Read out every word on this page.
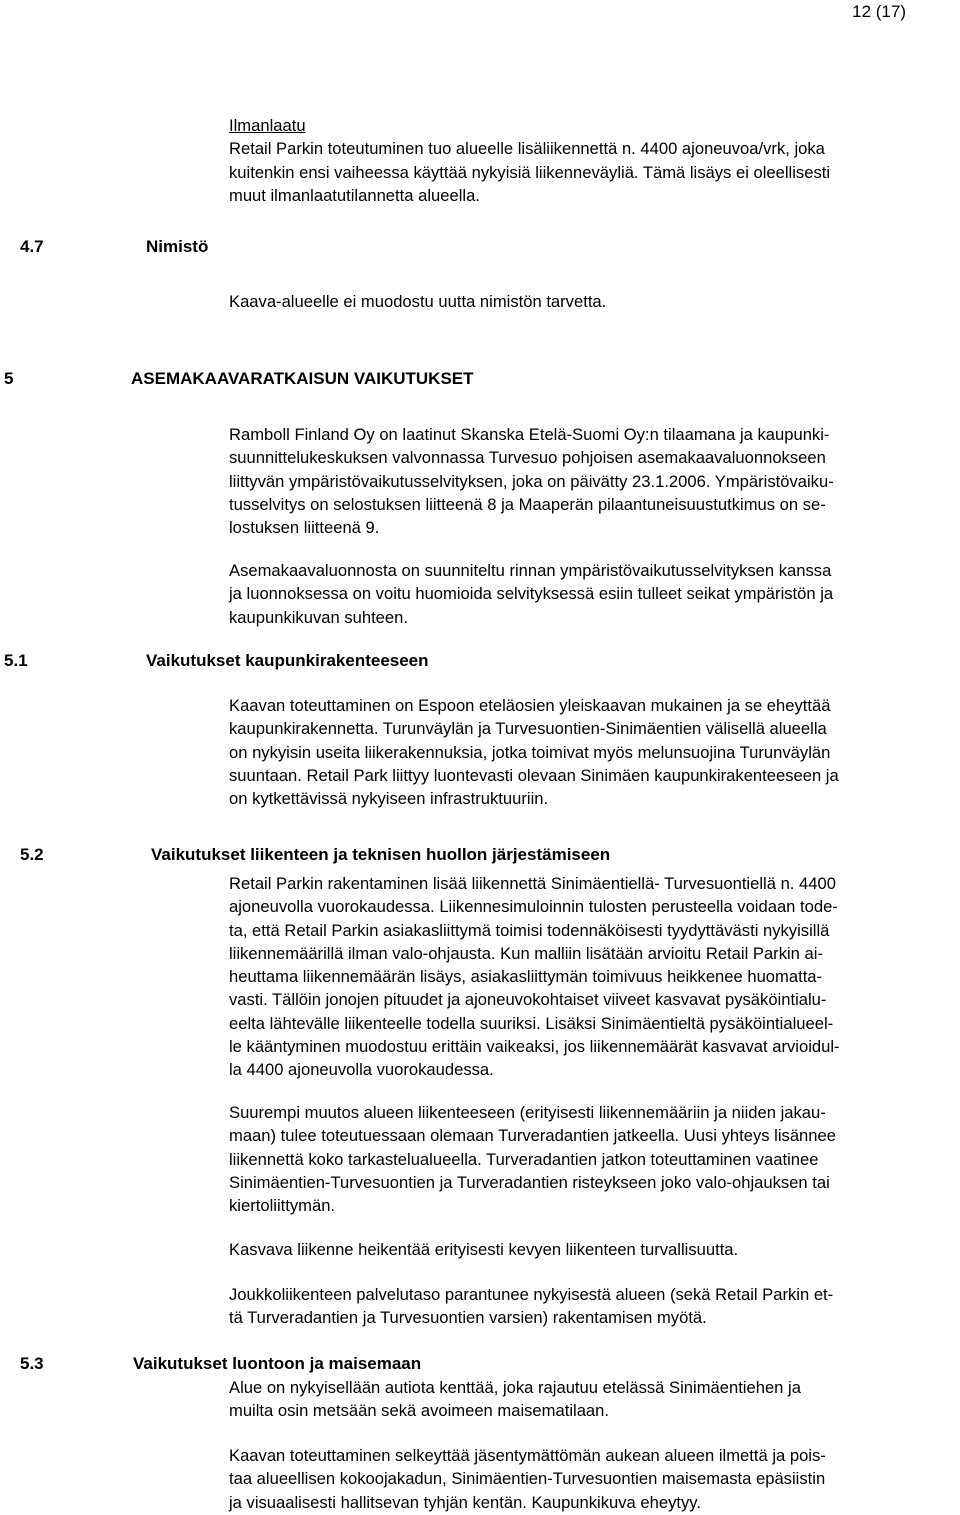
12 (17)
Ilmanlaatu
Retail Parkin toteutuminen tuo alueelle lisäliikennettä n. 4400 ajoneuvoa/vrk, joka
kuitenkin ensi vaiheessa käyttää nykyisiä liikenneväyliä. Tämä lisäys ei oleellisesti
muut ilmanlaatutilannetta alueella.
4.7	Nimistö
Kaava-alueelle ei muodostu uutta nimistön tarvetta.
5	ASEMAKAAVARATKAISUN VAIKUTUKSET
Ramboll Finland Oy on laatinut Skanska Etelä-Suomi Oy:n tilaamana ja kaupunki-
suunnittelukeskuksen valvonnassa Turvesuo pohjoisen asemakaavaluonnokseen
liittyvän ympäristövaikutusselvityksen, joka on päivätty 23.1.2006. Ympäristövaiku-
tusselvitys on selostuksen liitteenä 8 ja Maaperän pilaantuneisuustutkimus on se-
lostuksen liitteenä 9.
Asemakaavaluonnosta on suunniteltu rinnan ympäristövaikutusselvityksen kanssa
ja luonnoksessa on voitu huomioida selvityksessä esiin tulleet seikat ympäristön ja
kaupunkikuvan suhteen.
5.1	Vaikutukset kaupunkirakenteeseen
Kaavan toteuttaminen on Espoon eteläosien yleiskaavan mukainen ja se eheyttää
kaupunkirakennetta. Turunväylän ja Turvesuontien-Sinimäentien välisellä alueella
on nykyisin useita liikerakennuksia, jotka toimivat myös melunsuojina Turunväylän
suuntaan. Retail Park liittyy luontevasti olevaan Sinimäen kaupunkirakenteeseen ja
on kytkettävissä nykyiseen infrastruktuuriin.
5.2	Vaikutukset liikenteen ja teknisen huollon järjestämiseen
Retail Parkin rakentaminen lisää liikennettä Sinimäentiellä- Turvesuontiellä n. 4400
ajoneuvolla vuorokaudessa. Liikennesimuloinnin tulosten perusteella voidaan tode-
ta, että Retail Parkin asiakasliittymä toimisi todennäköisesti tyydyttävästi nykyisillä
liikennemäärillä ilman valo-ohjausta. Kun malliin lisätään arvioitu Retail Parkin ai-
heuttama liikennemäärän lisäys, asiakasliittymän toimivuus heikkenee huomatta-
vasti. Tällöin jonojen pituudet ja ajoneuvokohtaiset viiveet kasvavat pysäköintialu-
eelta lähtevälle liikenteelle todella suuriksi. Lisäksi Sinimäentieltä pysäköintialueel-
le kääntyminen muodostuu erittäin vaikeaksi, jos liikennemäärät kasvavat arvioidul-
la 4400 ajoneuvolla vuorokaudessa.
Suurempi muutos alueen liikenteeseen (erityisesti liikennemääriin ja niiden jakau-
maan) tulee toteutuessaan olemaan Turveradantien jatkeella. Uusi yhteys lisännee
liikennettä koko tarkastelualueella. Turveradantien jatkon toteuttaminen vaatinee
Sinimäentien-Turvesuontien ja Turveradantien risteykseen joko valo-ohjauksen tai
kiertoliittymän.
Kasvava liikenne heikentää erityisesti kevyen liikenteen turvallisuutta.
Joukkoliikenteen palvelutaso parantunee nykyisestä alueen (sekä Retail Parkin et-
tä Turveradantien ja Turvesuontien varsien) rakentamisen myötä.
5.3	Vaikutukset luontoon ja maisemaan
Alue on nykyisellään autiota kenttää, joka rajautuu etelässä Sinimäentiehen ja
muilta osin metsään sekä avoimeen maisematilaan.
Kaavan toteuttaminen selkeyttää jäsentymättömän aukean alueen ilmettä ja pois-
taa alueellisen kokoojakadun, Sinimäentien-Turvesuontien maisemasta epäsiistin
ja visuaalisesti hallitsevan tyhjän kentän. Kaupunkikuva eheytyy.
